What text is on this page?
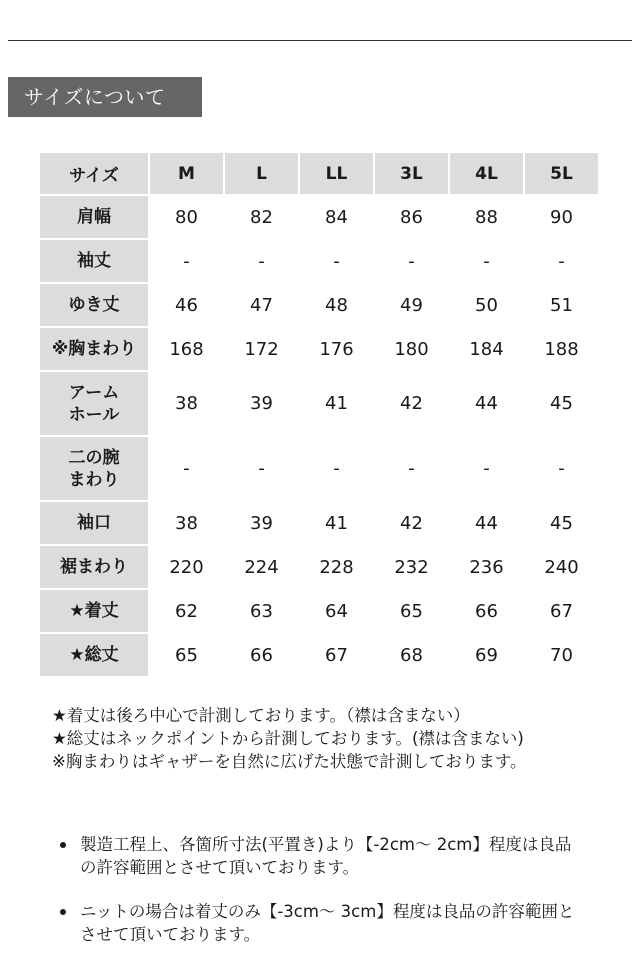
サイズについて
サイズ	M	L	LL	3L	4L	5L
肩幅	80	82	84	86	88	90
袖丈	-	-	-	-	-	-
ゆき丈	46	47	48	49	50	51
※胸まわり	168	172	176	180	184	188
アーム
ホール	38	39	41	42	44	45
二の腕
まわり	-	-	-	-	-	-
袖口	38	39	41	42	44	45
裾まわり	220	224	228	232	236	240
★着丈	62	63	64	65	66	67
★総丈	65	66	67	68	69	70

★着丈は後ろ中心で計測しております。（襟は含まない）

★総丈はネックポイントから計測しております。(襟は含まない)

※胸まわりはギャザーを自然に広げた状態で計測しております。

製造工程上、各箇所寸法(平置き)より【-2cm～ 2cm】程度は良品の許容範囲とさせて頂いております。
ニットの場合は着丈のみ【-3cm～ 3cm】程度は良品の許容範囲とさせて頂いております。
